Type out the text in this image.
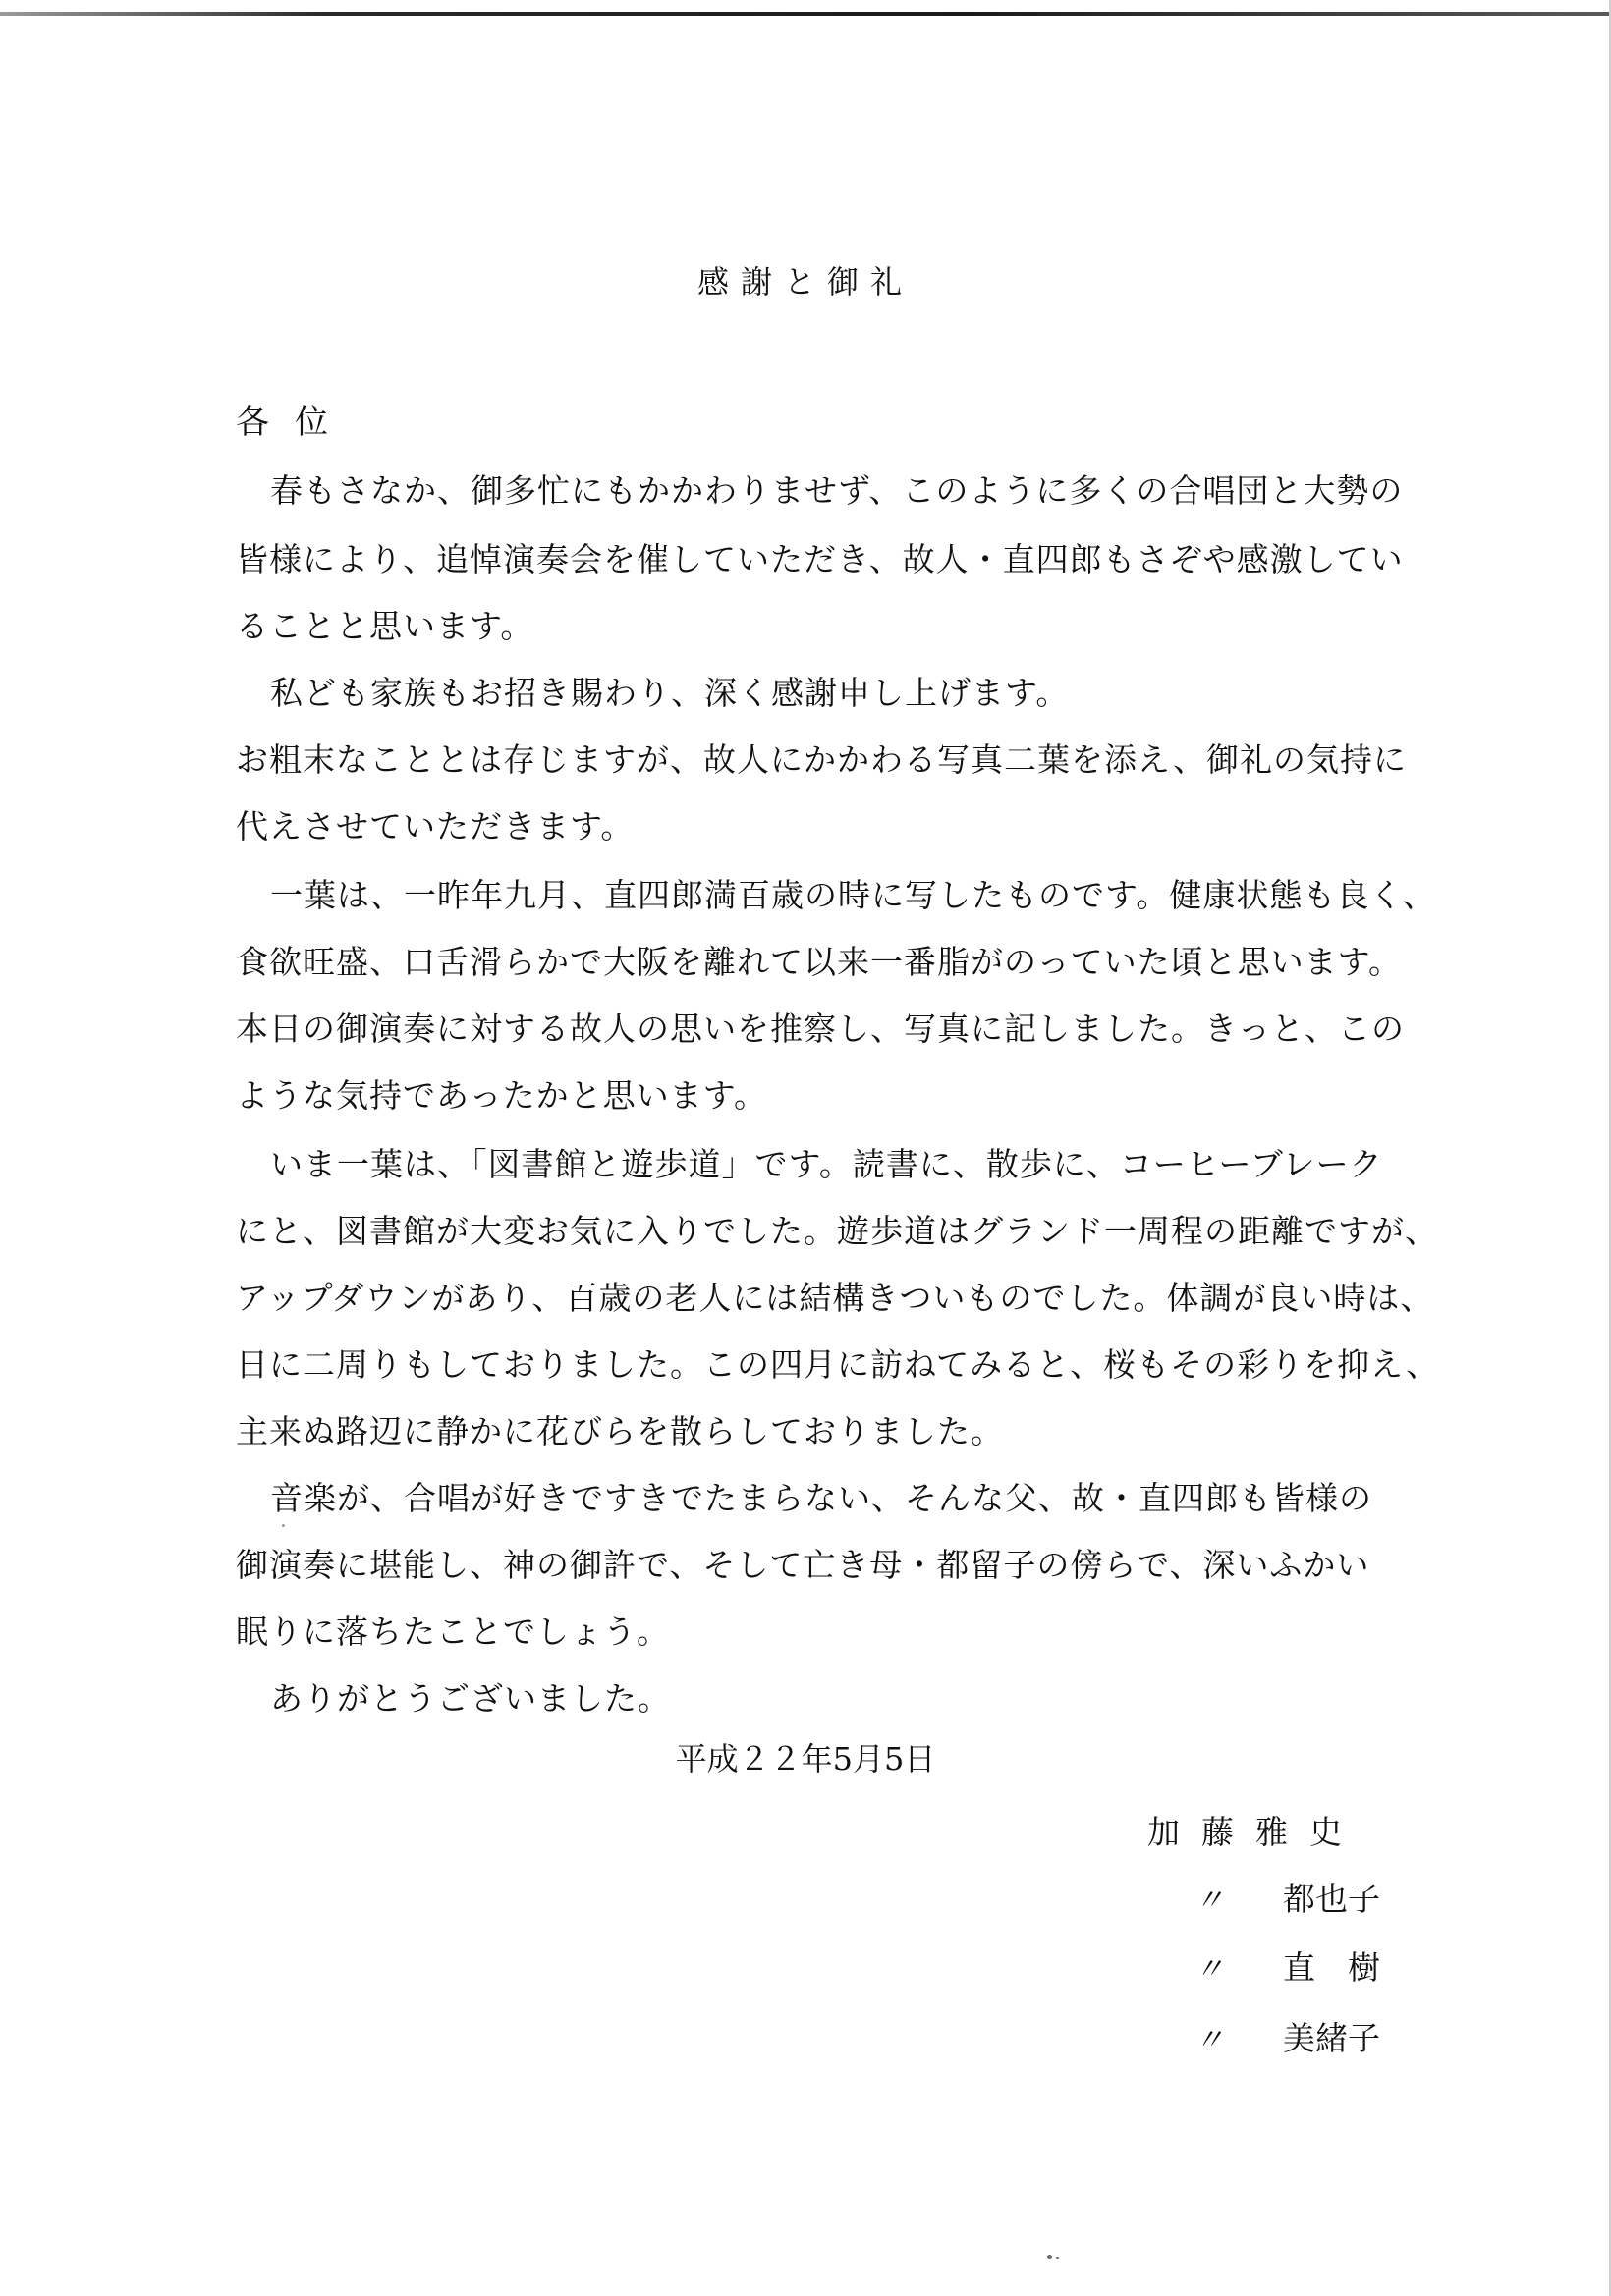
感謝と御礼
各位
春もさなか、御多忙にもかかわりませず、このように多くの合唱団と大勢の
皆様により、追悼演奏会を催していただき、故人・直四郎もさぞや感激してい
ることと思います。
私ども家族もお招き賜わり、深く感謝申し上げます。
お粗末なこととは存じますが、故人にかかわる写真二葉を添え、御礼の気持に
代えさせていただきます。
一葉は、一昨年九月、直四郎満百歳の時に写したものです。健康状態も良く、
食欲旺盛、口舌滑らかで大阪を離れて以来一番脂がのっていた頃と思います。
本日の御演奏に対する故人の思いを推察し、写真に記しました。きっと、この
ような気持であったかと思います。
いま一葉は、「図書館と遊歩道」です。読書に、散歩に、コーヒーブレーク
にと、図書館が大変お気に入りでした。遊歩道はグランド一周程の距離ですが、
アップダウンがあり、百歳の老人には結構きついものでした。体調が良い時は、
日に二周りもしておりました。この四月に訪ねてみると、桜もその彩りを抑え、
主来ぬ路辺に静かに花びらを散らしておりました。
音楽が、合唱が好きですきでたまらない、そんな父、故・直四郎も皆様の
御演奏に堪能し、神の御許で、そして亡き母・都留子の傍らで、深いふかい
眠りに落ちたことでしょう。
ありがとうございました。
平成２２年5月5日
加藤雅史
〃 都也子
〃 直　樹
〃 美緒子
